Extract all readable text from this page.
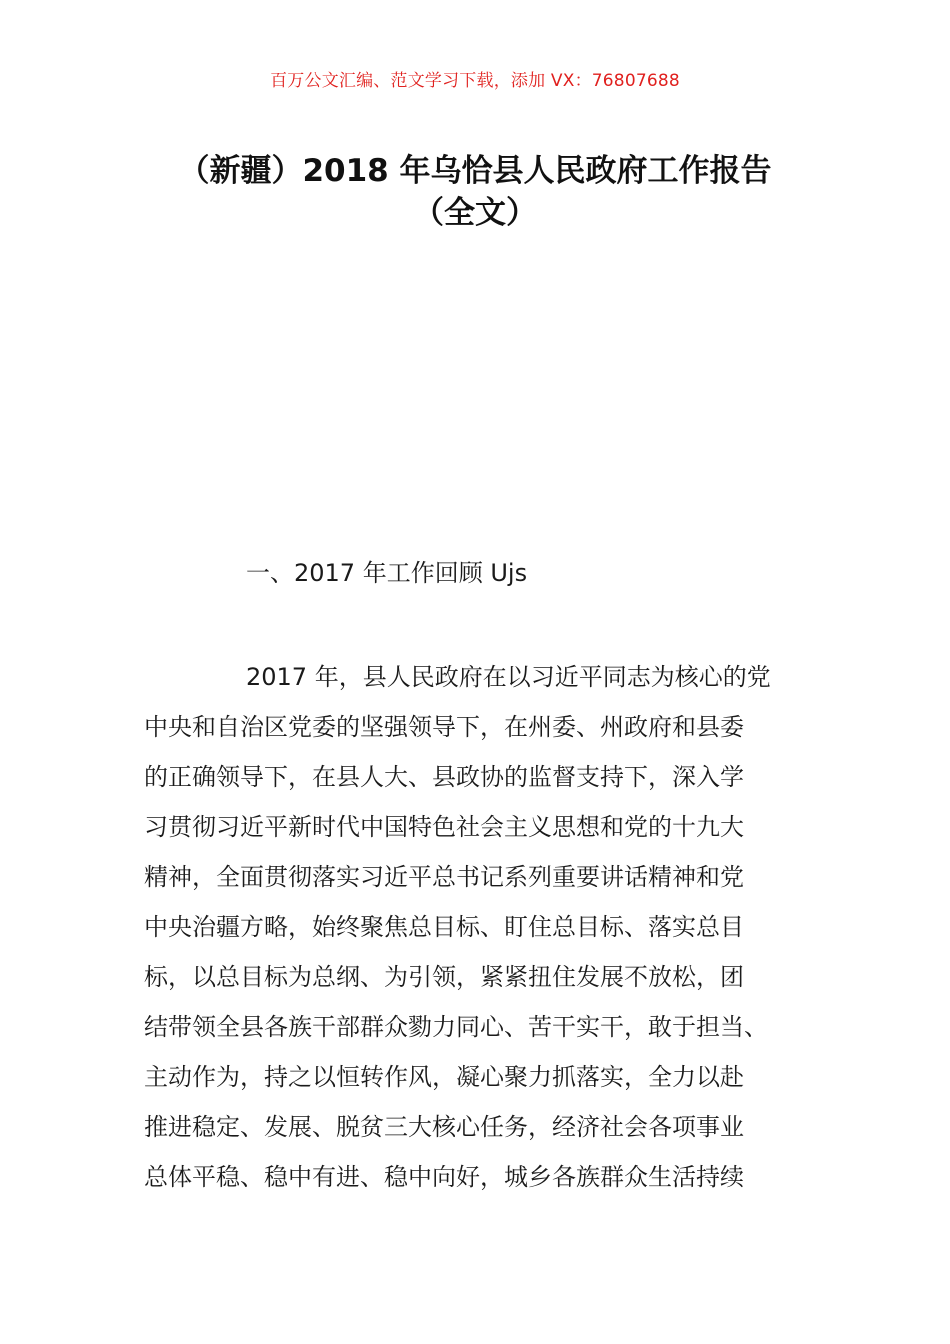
百万公文汇编、范文学习下载，添加 VX：76807688
（新疆）2018 年乌恰县人民政府工作报告
（全文）
一、2017 年工作回顾 Ujs
2017 年，县人民政府在以习近平同志为核心的党
中央和自治区党委的坚强领导下，在州委、州政府和县委
的正确领导下，在县人大、县政协的监督支持下，深入学
习贯彻习近平新时代中国特色社会主义思想和党的十九大
精神，全面贯彻落实习近平总书记系列重要讲话精神和党
中央治疆方略，始终聚焦总目标、盯住总目标、落实总目
标，以总目标为总纲、为引领，紧紧扭住发展不放松，团
结带领全县各族干部群众勠力同心、苦干实干，敢于担当、
主动作为，持之以恒转作风，凝心聚力抓落实，全力以赴
推进稳定、发展、脱贫三大核心任务，经济社会各项事业
总体平稳、稳中有进、稳中向好，城乡各族群众生活持续
